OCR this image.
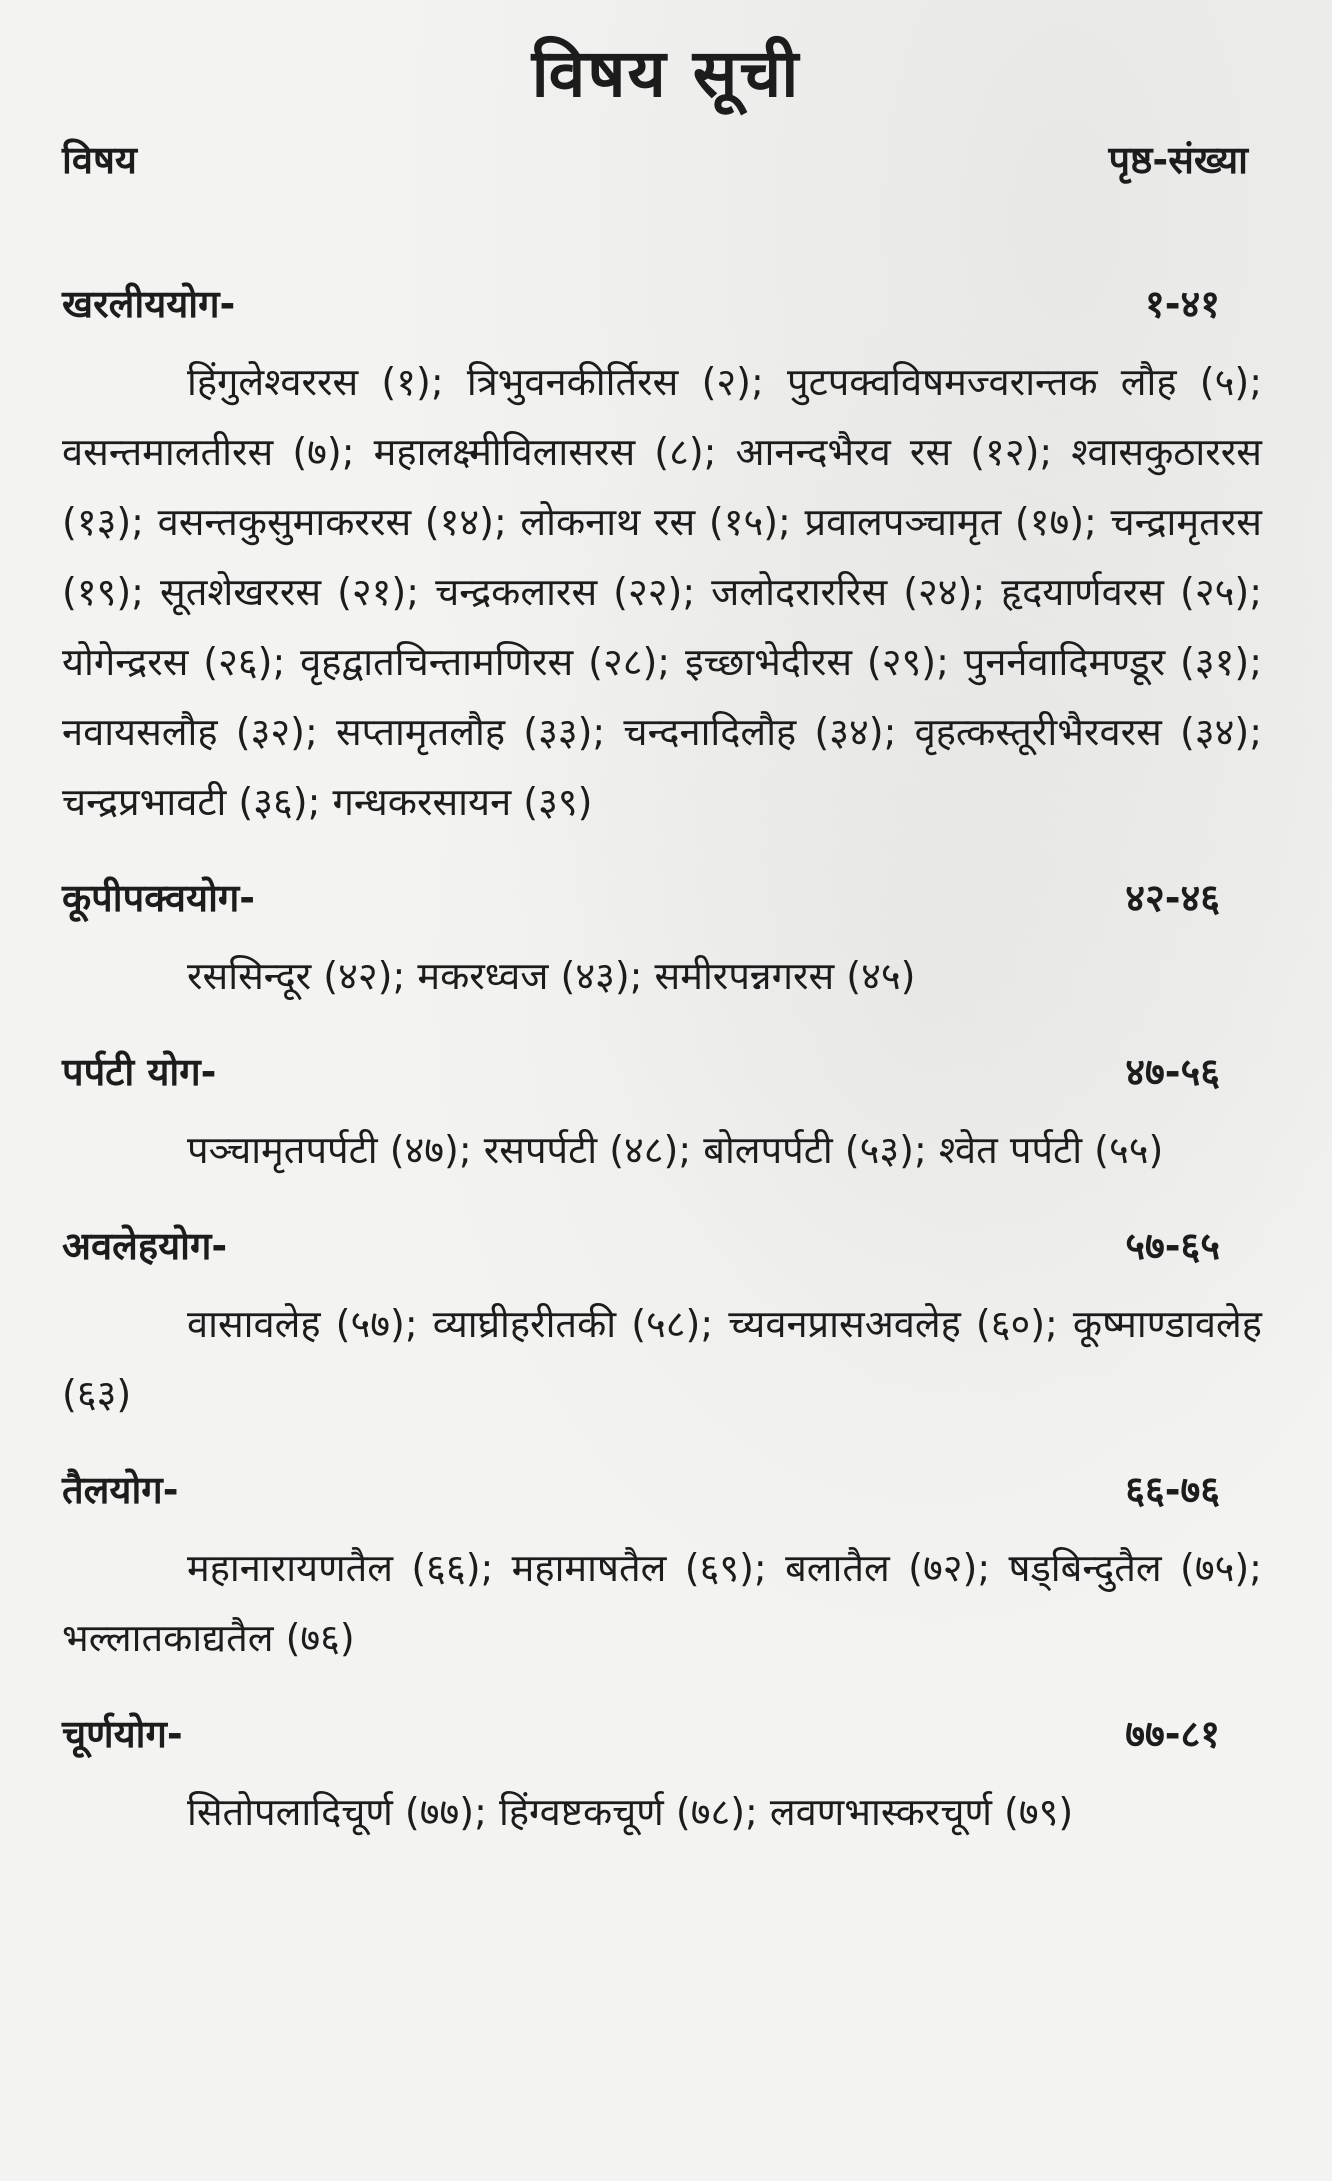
विषय सूची
विषय	पृष्ठ-संख्या
खरलीययोग-	१-४१

हिंगुलेश्वररस (१); त्रिभुवनकीर्तिरस (२); पुटपक्वविषमज्वरान्तक लौह (५); वसन्तमालतीरस (७); महालक्ष्मीविलासरस (८); आनन्दभैरव रस (१२); श्वासकुठाररस (१३); वसन्तकुसुमाकररस (१४); लोकनाथ रस (१५); प्रवालपञ्चामृत (१७); चन्द्रामृतरस (१९); सूतशेखररस (२१); चन्द्रकलारस (२२); जलोदराररिस (२४); हृदयार्णवरस (२५); योगेन्द्ररस (२६); वृहद्वातचिन्तामणिरस (२८); इच्छाभेदीरस (२९); पुनर्नवादिमण्डूर (३१); नवायसलौह (३२); सप्तामृतलौह (३३); चन्दनादिलौह (३४); वृहत्कस्तूरीभैरवरस (३४); चन्द्रप्रभावटी (३६); गन्धकरसायन (३९)

कूपीपक्वयोग-	४२-४६

रससिन्दूर (४२); मकरध्वज (४३); समीरपन्नगरस (४५)

पर्पटी योग-	४७-५६

पञ्चामृतपर्पटी (४७); रसपर्पटी (४८); बोलपर्पटी (५३); श्वेत पर्पटी (५५)

अवलेहयोग-	५७-६५

वासावलेह (५७); व्याघ्रीहरीतकी (५८); च्यवनप्रासअवलेह (६०); कूष्माण्डावलेह (६३)

तैलयोग-	६६-७६

महानारायणतैल (६६); महामाषतैल (६९); बलातैल (७२); षड्बिन्दुतैल (७५); भल्लातकाद्यतैल (७६)

चूर्णयोग-	७७-८१

सितोपलादिचूर्ण (७७); हिंग्वष्टकचूर्ण (७८); लवणभास्करचूर्ण (७९)
